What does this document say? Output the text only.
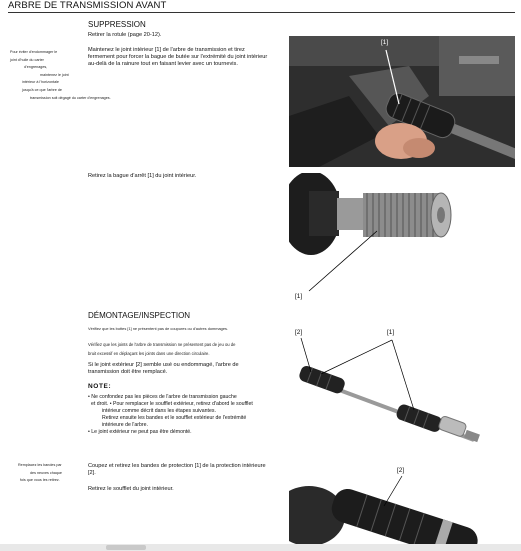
ARBRE DE TRANSMISSION AVANT
SUPPRESSION
Retirer la rotule (page 20-12).
Maintenez le joint intérieur [1] de l'arbre de transmission et tirez
fermement pour forcer la bague de butée sur l'extrémité du joint intérieur
au-delà de la rainure tout en faisant levier avec un tournevis.
Pour éviter d'endommager le
joint d'huile du carter
d'engrenages,
maintenez le joint
intérieur à l'horizontale
jusqu'à ce que l'arbre de
transmission soit dégagé du carter d'engrenages.
[1]
Retirez la bague d'arrêt [1] du joint intérieur.
[1]
DÉMONTAGE/INSPECTION
Vérifiez que les bottes [1] ne présentent pas de coupures ou d'autres dommages.
Vérifiez que les joints de l'arbre de transmission ne présentent pas de jeu ou de
bruit excessif en déplaçant les joints dans une direction circulaire.
Si le joint extérieur [2] semble usé ou endommagé, l'arbre de
transmission doit être remplacé.
NOTE:
• Ne confondez pas les pièces de l'arbre de transmission gauche
et droit. • Pour remplacer le soufflet extérieur, retirez d'abord le soufflet
intérieur comme décrit dans les étapes suivantes.
Retirez ensuite les bandes et le soufflet extérieur de l'extrémité
intérieure de l'arbre.
• Le joint extérieur ne peut pas être démonté.
[2]	[1]
Remplacez les bandes par
des neuves chaque
fois que vous les retirez.
Coupez et retirez les bandes de protection [1] de la protection intérieure
[2].
Retirez le soufflet du joint intérieur.
[2]
